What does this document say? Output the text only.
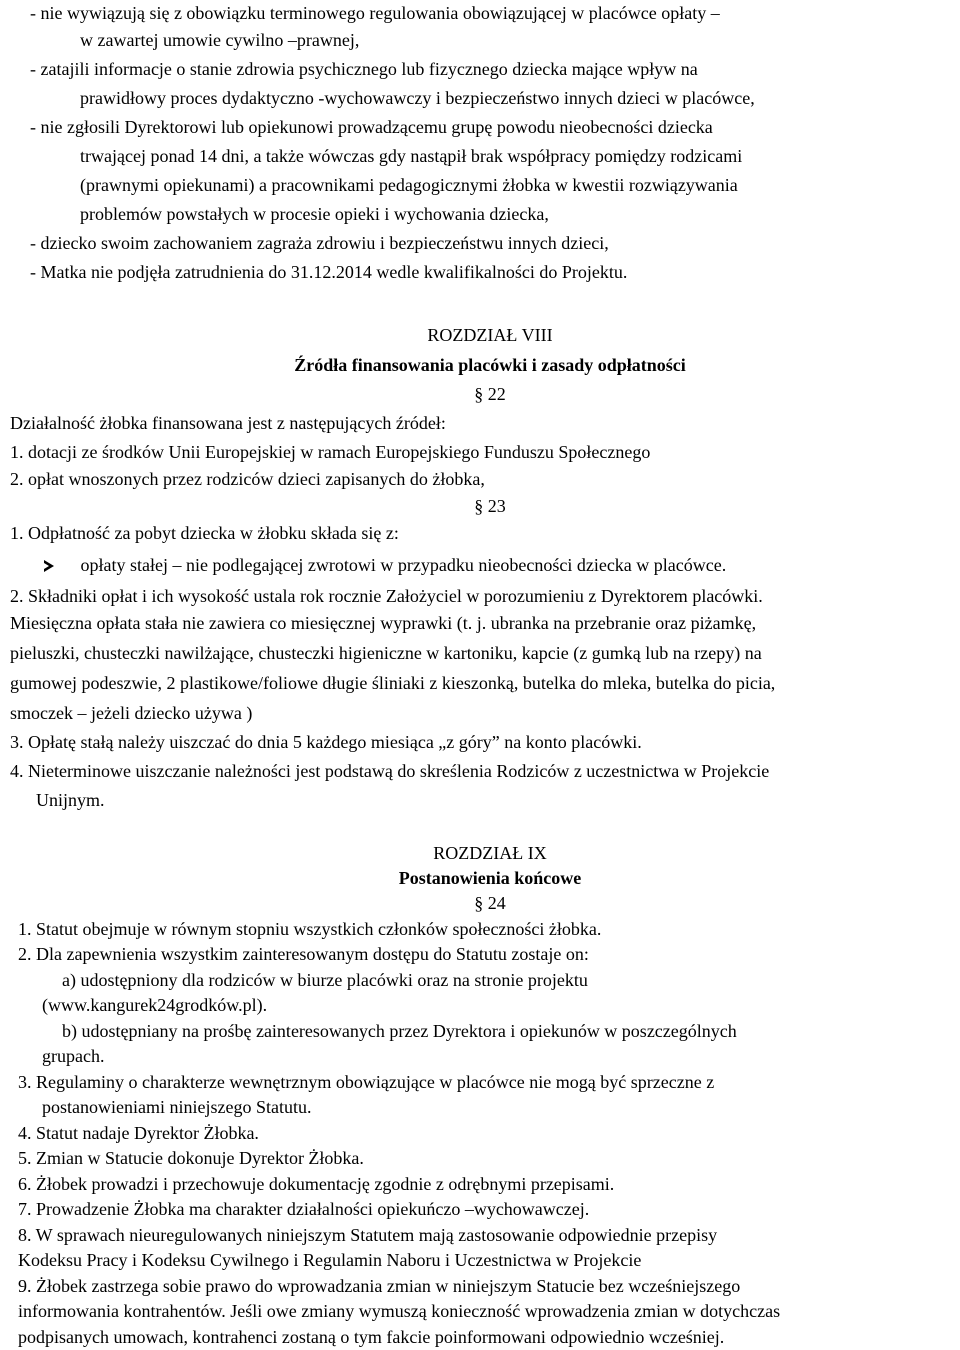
- nie wywiązują się z obowiązku terminowego regulowania obowiązującej w placówce opłaty –
w zawartej umowie cywilno –prawnej,
- zatajili informacje o stanie zdrowia psychicznego lub fizycznego dziecka mające wpływ na
prawidłowy proces dydaktyczno -wychowawczy i bezpieczeństwo innych dzieci w placówce,
- nie zgłosili Dyrektorowi lub opiekunowi prowadzącemu grupę powodu nieobecności dziecka
trwającej ponad 14 dni, a także wówczas gdy nastąpił brak współpracy pomiędzy rodzicami
(prawnymi opiekunami) a pracownikami pedagogicznymi żłobka w kwestii rozwiązywania
problemów powstałych w procesie opieki i wychowania dziecka,
- dziecko swoim zachowaniem zagraża zdrowiu i bezpieczeństwu innych dzieci,
- Matka nie podjęła zatrudnienia do 31.12.2014 wedle kwalifikalności do Projektu.
ROZDZIAŁ VIII
Źródła finansowania placówki i zasady odpłatności
§ 22
Działalność żłobka finansowana jest z następujących źródeł:
1. dotacji ze środków Unii Europejskiej w ramach Europejskiego Funduszu Społecznego
2. opłat wnoszonych przez rodziców dzieci zapisanych do żłobka,
§ 23
1. Odpłatność za pobyt dziecka w żłobku składa się z:
opłaty stałej – nie podlegającej zwrotowi w przypadku nieobecności dziecka w placówce.
2. Składniki opłat i ich wysokość ustala rok rocznie Założyciel w porozumieniu z Dyrektorem placówki.
Miesięczna opłata stała nie zawiera co miesięcznej wyprawki (t. j. ubranka na przebranie oraz piżamkę,
pieluszki, chusteczki nawilżające, chusteczki higieniczne w kartoniku, kapcie (z gumką lub na rzepy) na
gumowej podeszwie, 2 plastikowe/foliowe długie śliniaki z kieszonką, butelka do mleka, butelka do picia,
smoczek – jeżeli dziecko używa )
3. Opłatę stałą należy uiszczać do dnia 5 każdego miesiąca „z góry” na konto placówki.
4. Nieterminowe uiszczanie należności jest podstawą do skreślenia Rodziców z uczestnictwa w Projekcie
Unijnym.
ROZDZIAŁ IX
Postanowienia końcowe
§ 24
1. Statut obejmuje w równym stopniu wszystkich członków społeczności żłobka.
2. Dla zapewnienia wszystkim zainteresowanym dostępu do Statutu zostaje on:
a) udostępniony dla rodziców w biurze placówki oraz na stronie projektu
(www.kangurek24grodków.pl).
b) udostępniany na prośbę zainteresowanych przez Dyrektora i opiekunów w poszczególnych
grupach.
3. Regulaminy o charakterze wewnętrznym obowiązujące w placówce nie mogą być sprzeczne z
postanowieniami niniejszego Statutu.
4. Statut nadaje Dyrektor Żłobka.
5. Zmian w Statucie dokonuje Dyrektor Żłobka.
6. Żłobek prowadzi i przechowuje dokumentację zgodnie z odrębnymi przepisami.
7. Prowadzenie Żłobka ma charakter działalności opiekuńczo –wychowawczej.
8. W sprawach nieuregulowanych niniejszym Statutem mają zastosowanie odpowiednie przepisy
Kodeksu Pracy i Kodeksu Cywilnego i Regulamin Naboru i Uczestnictwa w Projekcie
9. Żłobek zastrzega sobie prawo do wprowadzania zmian w niniejszym Statucie bez wcześniejszego
informowania kontrahentów. Jeśli owe zmiany wymuszą konieczność wprowadzenia zmian w dotychczas
podpisanych umowach, kontrahenci zostaną o tym fakcie poinformowani odpowiednio wcześniej.
